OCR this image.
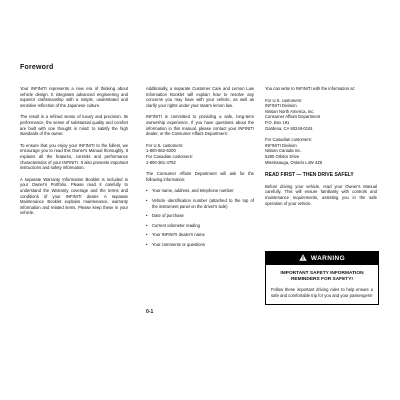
Foreword

Your INFINITI represents a new era of thinking about vehicle design. It integrates advanced engineering and superior craftsmanship with a simple, understated and sensitive reflection of the Japanese culture.

The result is a refined sense of luxury and precision. Its performance, the sense of substantial quality and comfort are built with one thought in mind: to satisfy the high standards of the owner.

To ensure that you enjoy your INFINITI to the fullest, we encourage you to read this Owner's Manual thoroughly. It explains all the features, controls and performance characteristics of your INFINITI. It also presents important instructions and safety information.

A separate Warranty Information Booklet is included in your Owner's Portfolio. Please read it carefully to understand the Warranty coverage and the terms and conditions of your INFINITI dealer. A separate Maintenance Booklet explains maintenance, warranty information and related items. Please keep these in your vehicle.

Additionally, a separate Customer Care and Lemon Law Information Booklet will explain how to resolve any concerns you may have with your vehicle, as well as clarify your rights under your state's lemon law.

INFINITI is committed to providing a safe, long-term ownership experience. If you have questions about the information in this manual, please contact your INFINITI dealer, or the Consumer Affairs Department:

For U.S. customers:
1-800-662-6200
For Canadian customers:
1-800-361-4792

The Consumer Affairs Department will ask for the following information:

• Your name, address, and telephone number
• Vehicle identification number (attached to the top of the instrument panel on the driver's side)
• Date of purchase
• Current odometer reading
• Your INFINITI dealer's name
• Your comments or questions

You can write to INFINITI with the information at:

For U.S. customers:
INFINITI Division
Nissan North America, Inc.
Consumer Affairs Department
P.O. Box 191
Gardena, CA 90248-0191
For Canadian customers:
INFINITI Division
Nissan Canada Inc.
5290 Orbitor Drive
Mississauga, Ontario L4W 4Z5
READ FIRST — THEN DRIVE SAFELY

Before driving your vehicle, read your Owner's Manual carefully. This will ensure familiarity with controls and maintenance requirements, assisting you in the safe operation of your vehicle.

WARNING
IMPORTANT SAFETY INFORMATION REMINDERS FOR SAFETY!
Follow these important driving rules to help ensure a safe and comfortable trip for you and your passengers!
0-1
